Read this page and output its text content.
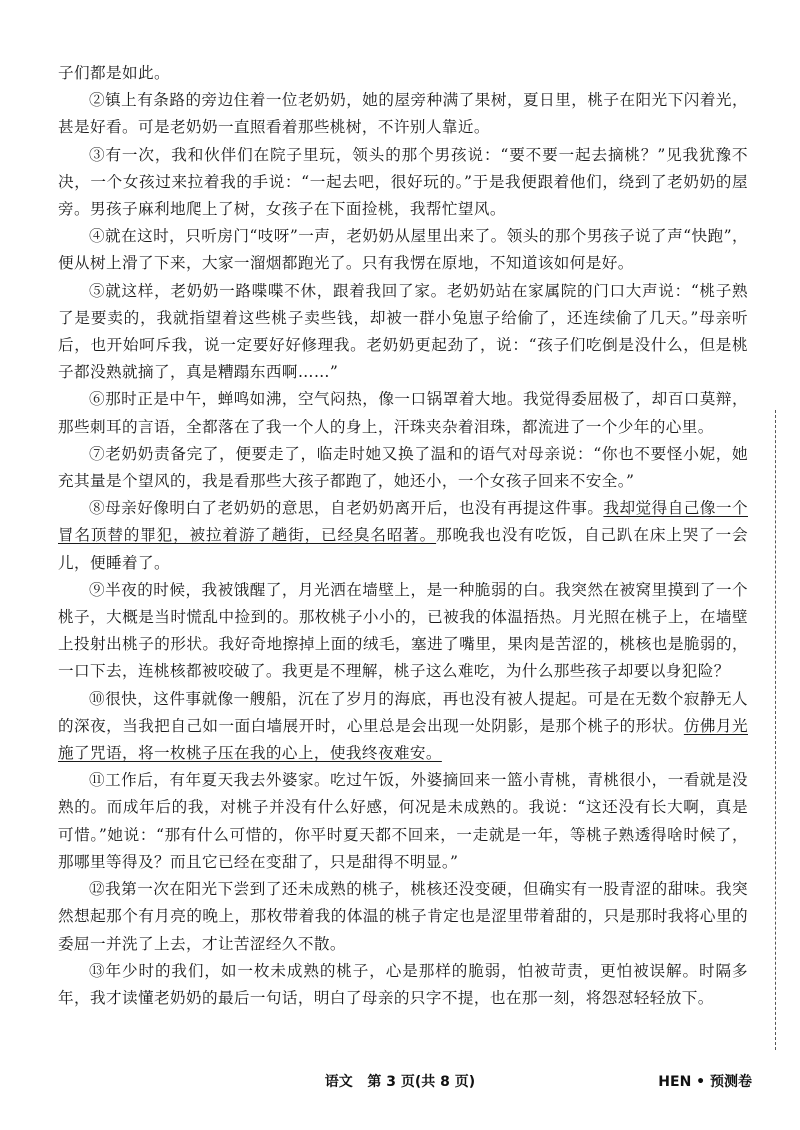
子们都是如此。

②镇上有条路的旁边住着一位老奶奶，她的屋旁种满了果树，夏日里，桃子在阳光下闪着光，甚是好看。可是老奶奶一直照看着那些桃树，不许别人靠近。

③有一次，我和伙伴们在院子里玩，领头的那个男孩说：“要不要一起去摘桃？”见我犹豫不决，一个女孩过来拉着我的手说：“一起去吧，很好玩的。”于是我便跟着他们，绕到了老奶奶的屋旁。男孩子麻利地爬上了树，女孩子在下面捡桃，我帮忙望风。

④就在这时，只听房门“吱呀”一声，老奶奶从屋里出来了。领头的那个男孩子说了声“快跑”，便从树上滑了下来，大家一溜烟都跑光了。只有我愣在原地，不知道该如何是好。

⑤就这样，老奶奶一路喋喋不休，跟着我回了家。老奶奶站在家属院的门口大声说：“桃子熟了是要卖的，我就指望着这些桃子卖些钱，却被一群小兔崽子给偷了，还连续偷了几天。”母亲听后，也开始呵斥我，说一定要好好修理我。老奶奶更起劲了，说：“孩子们吃倒是没什么，但是桃子都没熟就摘了，真是糟蹋东西啊……”

⑥那时正是中午，蝉鸣如沸，空气闷热，像一口锅罩着大地。我觉得委屈极了，却百口莫辩，那些刺耳的言语，全都落在了我一个人的身上，汗珠夹杂着泪珠，都流进了一个少年的心里。

⑦老奶奶责备完了，便要走了，临走时她又换了温和的语气对母亲说：“你也不要怪小妮，她充其量是个望风的，我是看那些大孩子都跑了，她还小，一个女孩子回来不安全。”

⑧母亲好像明白了老奶奶的意思，自老奶奶离开后，也没有再提这件事。我却觉得自己像一个冒名顶替的罪犯，被拉着游了趟街，已经臭名昭著。那晚我也没有吃饭，自己趴在床上哭了一会儿，便睡着了。

⑨半夜的时候，我被饿醒了，月光洒在墙壁上，是一种脆弱的白。我突然在被窝里摸到了一个桃子，大概是当时慌乱中捡到的。那枚桃子小小的，已被我的体温捂热。月光照在桃子上，在墙壁上投射出桃子的形状。我好奇地擦掉上面的绒毛，塞进了嘴里，果肉是苦涩的，桃核也是脆弱的，一口下去，连桃核都被咬破了。我更是不理解，桃子这么难吃，为什么那些孩子却要以身犯险？

⑩很快，这件事就像一艘船，沉在了岁月的海底，再也没有被人提起。可是在无数个寂静无人的深夜，当我把自己如一面白墙展开时，心里总是会出现一处阴影，是那个桃子的形状。仿佛月光施了咒语，将一枚桃子压在我的心上，使我终夜难安。

⑪工作后，有年夏天我去外婆家。吃过午饭，外婆摘回来一篮小青桃，青桃很小，一看就是没熟的。而成年后的我，对桃子并没有什么好感，何况是未成熟的。我说：“这还没有长大啊，真是可惜。”她说：“那有什么可惜的，你平时夏天都不回来，一走就是一年，等桃子熟透得啥时候了，那哪里等得及？而且它已经在变甜了，只是甜得不明显。”

⑫我第一次在阳光下尝到了还未成熟的桃子，桃核还没变硬，但确实有一股青涩的甜味。我突然想起那个有月亮的晚上，那枚带着我的体温的桃子肯定也是涩里带着甜的，只是那时我将心里的委屈一并洗了上去，才让苦涩经久不散。

⑬年少时的我们，如一枚未成熟的桃子，心是那样的脆弱，怕被苛责，更怕被误解。时隔多年，我才读懂老奶奶的最后一句话，明白了母亲的只字不提，也在那一刻，将怨怼轻轻放下。

语文 第 3 页(共 8 页)	HEN • 预测卷
